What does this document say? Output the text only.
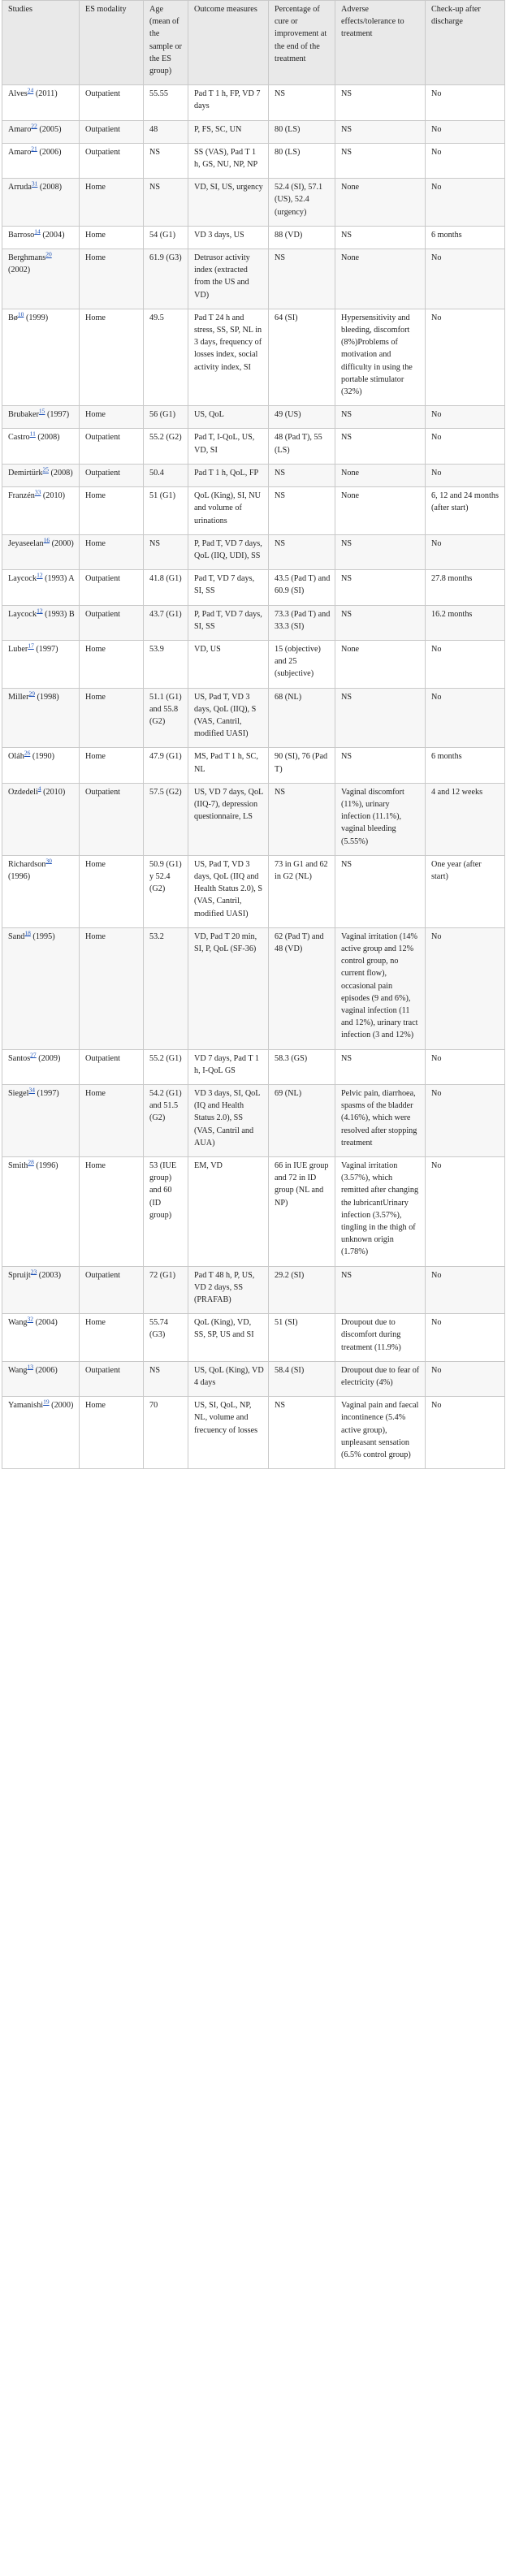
Studies	ES modality	Age (mean of the sample or the ES group)	Outcome measures	Percentage of cure or improvement at the end of the treatment	Adverse effects/tolerance to treatment	Check-up after discharge
Alves$^{24}$ (2011)	Outpatient	55.55	Pad T 1 h, FP, VD 7 days	NS	NS	No
Amaro$^{22}$ (2005)	Outpatient	48	P, FS, SC, UN	80 (LS)	NS	No
Amaro$^{21}$ (2006)	Outpatient	NS	SS (VAS), Pad T 1 h, GS, NU, NP, NP	80 (LS)	NS	No
Arruda$^{31}$ (2008)	Home	NS	VD, SI, US, urgency	52.4 (SI), 57.1 (US), 52.4 (urgency)	None	No
Barroso$^{14}$ (2004)	Home	54 (G1)	VD 3 days, US	88 (VD)	NS	6 months
Berghmans$^{20}$ (2002)	Home	61.9 (G3)	Detrusor activity index (extracted from the US and VD)	NS	None	No
Bø$^{10}$ (1999)	Home	49.5	Pad T 24 h and stress, SS, SP, NL in 3 days, frequency of losses index, social activity index, SI	64 (SI)	Hypersensitivity and bleeding, discomfort (8%)Problems of motivation and difficulty in using the portable stimulator (32%)	No
Brubaker$^{15}$ (1997)	Home	56 (G1)	US, QoL	49 (US)	NS	No
Castro$^{11}$ (2008)	Outpatient	55.2 (G2)	Pad T, I-QoL, US, VD, SI	48 (Pad T), 55 (LS)	NS	No
Demirtürk$^{25}$ (2008)	Outpatient	50.4	Pad T 1 h, QoL, FP	NS	None	No
Franzén$^{33}$ (2010)	Home	51 (G1)	QoL (King), SI, NU and volume of urinations	NS	None	6, 12 and 24 months (after start)
Jeyaseelan$^{16}$ (2000)	Home	NS	P, Pad T, VD 7 days, QoL (IIQ, UDI), SS	NS	NS	No
Laycock$^{12}$ (1993) A	Outpatient	41.8 (G1)	Pad T, VD 7 days, SI, SS	43.5 (Pad T) and 60.9 (SI)	NS	27.8 months
Laycock$^{12}$ (1993) B	Outpatient	43.7 (G1)	P, Pad T, VD 7 days, SI, SS	73.3 (Pad T) and 33.3 (SI)	NS	16.2 months
Luber$^{17}$ (1997)	Home	53.9	VD, US	15 (objective) and 25 (subjective)	None	No
Miller$^{29}$ (1998)	Home	51.1 (G1) and 55.8 (G2)	US, Pad T, VD 3 days, QoL (IIQ), S (VAS, Cantril, modified UASI)	68 (NL)	NS	No
Oláh$^{26}$ (1990)	Home	47.9 (G1)	MS, Pad T 1 h, SC, NL	90 (SI), 76 (Pad T)	NS	6 months
Ozdedeli$^4$ (2010)	Outpatient	57.5 (G2)	US, VD 7 days, QoL (IIQ-7), depression questionnaire, LS	NS	Vaginal discomfort (11%), urinary infection (11.1%), vaginal bleeding (5.55%)	4 and 12 weeks
Richardson$^{30}$ (1996)	Home	50.9 (G1) y 52.4 (G2)	US, Pad T, VD 3 days, QoL (IIQ and Health Status 2.0), S (VAS, Cantril, modified UASI)	73 in G1 and 62 in G2 (NL)	NS	One year (after start)
Sand$^{18}$ (1995)	Home	53.2	VD, Pad T 20 min, SI, P, QoL (SF-36)	62 (Pad T) and 48 (VD)	Vaginal irritation (14% active group and 12% control group, no current flow), occasional pain episodes (9 and 6%), vaginal infection (11 and 12%), urinary tract infection (3 and 12%)	No
Santos$^{27}$ (2009)	Outpatient	55.2 (G1)	VD 7 days, Pad T 1 h, I-QoL GS	58.3 (GS)	NS	No
Siegel$^{34}$ (1997)	Home	54.2 (G1) and 51.5 (G2)	VD 3 days, SI, QoL (IQ and Health Status 2.0), SS (VAS, Cantril and AUA)	69 (NL)	Pelvic pain, diarrhoea, spasms of the bladder (4.16%), which were resolved after stopping treatment	No
Smith$^{28}$ (1996)	Home	53 (IUE group) and 60 (ID group)	EM, VD	66 in IUE group and 72 in ID group (NL and NP)	Vaginal irritation (3.57%), which remitted after changing the lubricantUrinary infection (3.57%), tingling in the thigh of unknown origin (1.78%)	No
Spruijt$^{23}$ (2003)	Outpatient	72 (G1)	Pad T 48 h, P, US, VD 2 days, SS (PRAFAB)	29.2 (SI)	NS	No
Wang$^{32}$ (2004)	Home	55.74 (G3)	QoL (King), VD, SS, SP, US and SI	51 (SI)	Droupout due to discomfort during treatment (11.9%)	No
Wang$^{13}$ (2006)	Outpatient	NS	US, QoL (King), VD 4 days	58.4 (SI)	Droupout due to fear of electricity (4%)	No
Yamanishi$^{19}$ (2000)	Home	70	US, SI, QoL, NP, NL, volume and frecuency of losses	NS	Vaginal pain and faecal incontinence (5.4% active group), unpleasant sensation (6.5% control group)	No
